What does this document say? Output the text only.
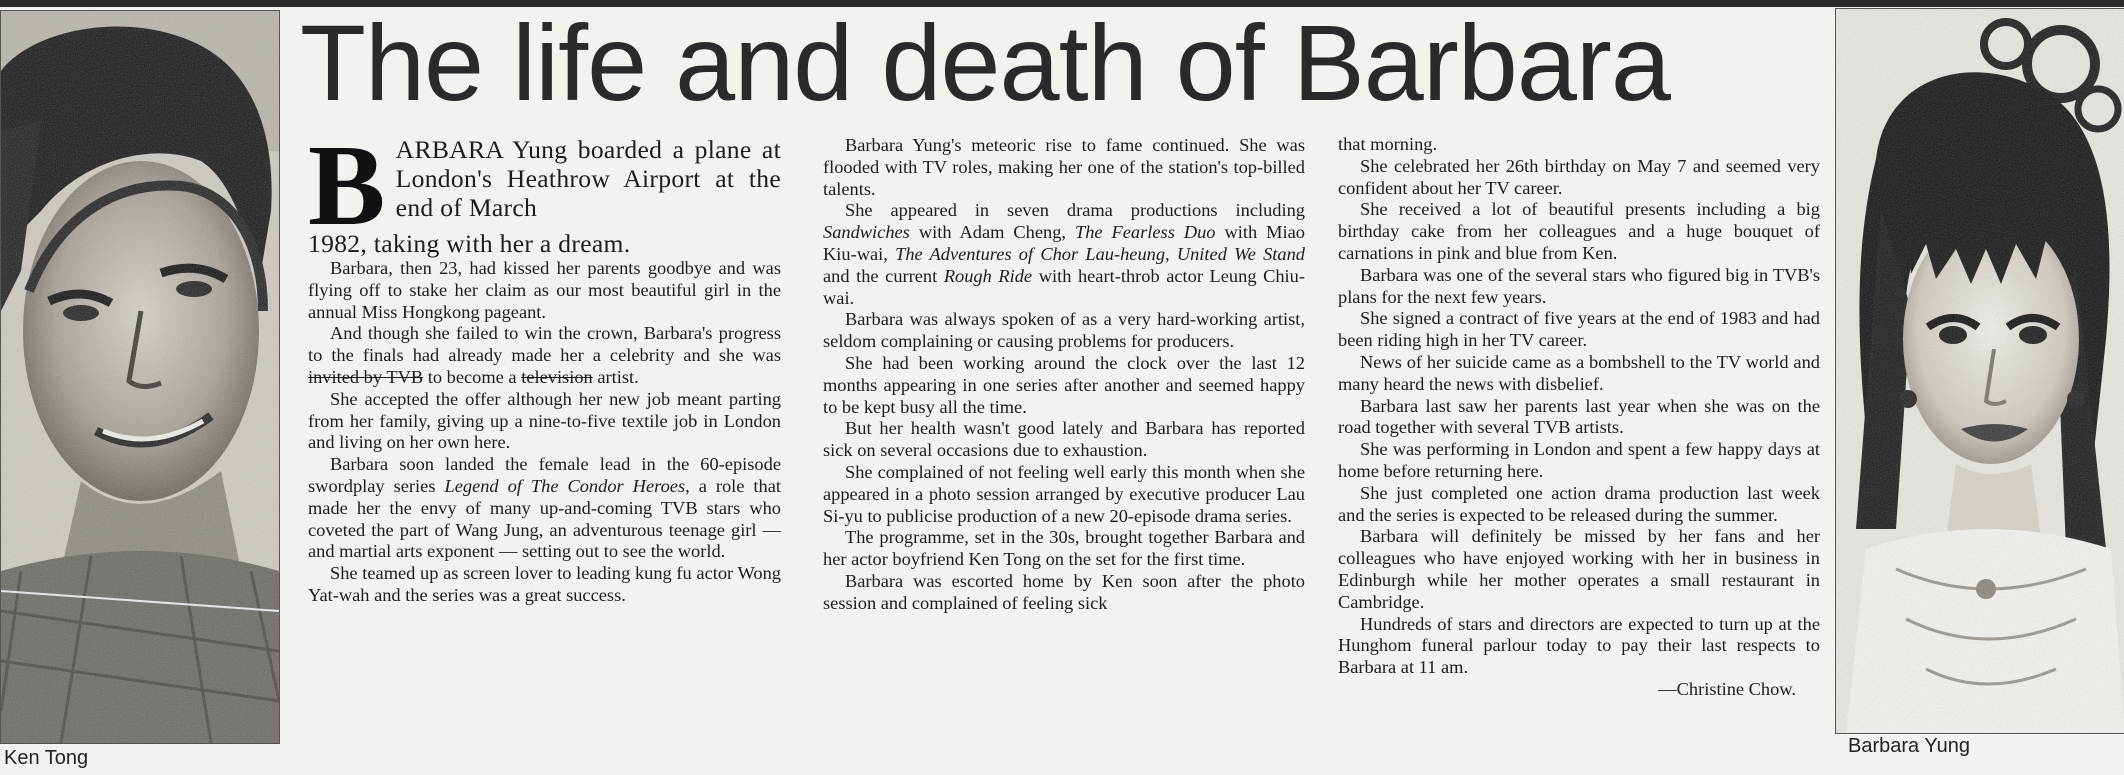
Ken Tong
The life and death of Barbara

BARBARA Yung boarded a plane at London's Heathrow Airport at the end of March
1982, taking with her a dream.

Barbara, then 23, had kissed her parents goodbye and was flying off to stake her claim as our most beautiful girl in the annual Miss Hongkong pageant.

And though she failed to win the crown, Barbara's progress to the finals had already made her a celebrity and she was invited by TVB to become a television artist.

She accepted the offer although her new job meant parting from her family, giving up a nine-to-five textile job in London and living on her own here.

Barbara soon landed the female lead in the 60-episode swordplay series Legend of The Condor Heroes, a role that made her the envy of many up-and-coming TVB stars who coveted the part of Wang Jung, an adventurous teenage girl — and martial arts exponent — setting out to see the world.

She teamed up as screen lover to leading kung fu actor Wong Yat-wah and the series was a great success.

Barbara Yung's meteoric rise to fame continued. She was flooded with TV roles, making her one of the station's top-billed talents.

She appeared in seven drama productions including Sandwiches with Adam Cheng, The Fearless Duo with Miao Kiu-wai, The Adventures of Chor Lau-heung, United We Stand and the current Rough Ride with heart-throb actor Leung Chiu-wai.

Barbara was always spoken of as a very hard-working artist, seldom complaining or causing problems for producers.

She had been working around the clock over the last 12 months appearing in one series after another and seemed happy to be kept busy all the time.

But her health wasn't good lately and Barbara has reported sick on several occasions due to exhaustion.

She complained of not feeling well early this month when she appeared in a photo session arranged by executive producer Lau Si-yu to publicise production of a new 20-episode drama series.

The programme, set in the 30s, brought together Barbara and her actor boyfriend Ken Tong on the set for the first time.

Barbara was escorted home by Ken soon after the photo session and complained of feeling sick

that morning.

She celebrated her 26th birthday on May 7 and seemed very confident about her TV career.

She received a lot of beautiful presents including a big birthday cake from her colleagues and a huge bouquet of carnations in pink and blue from Ken.

Barbara was one of the several stars who figured big in TVB's plans for the next few years.

She signed a contract of five years at the end of 1983 and had been riding high in her TV career.

News of her suicide came as a bombshell to the TV world and many heard the news with disbelief.

Barbara last saw her parents last year when she was on the road together with several TVB artists.

She was performing in London and spent a few happy days at home before returning here.

She just completed one action drama production last week and the series is expected to be released during the summer.

Barbara will definitely be missed by her fans and her colleagues who have enjoyed working with her in business in Edinburgh while her mother operates a small restaurant in Cambridge.

Hundreds of stars and directors are expected to turn up at the Hunghom funeral parlour today to pay their last respects to Barbara at 11 am.

—Christine Chow.

Barbara Yung
